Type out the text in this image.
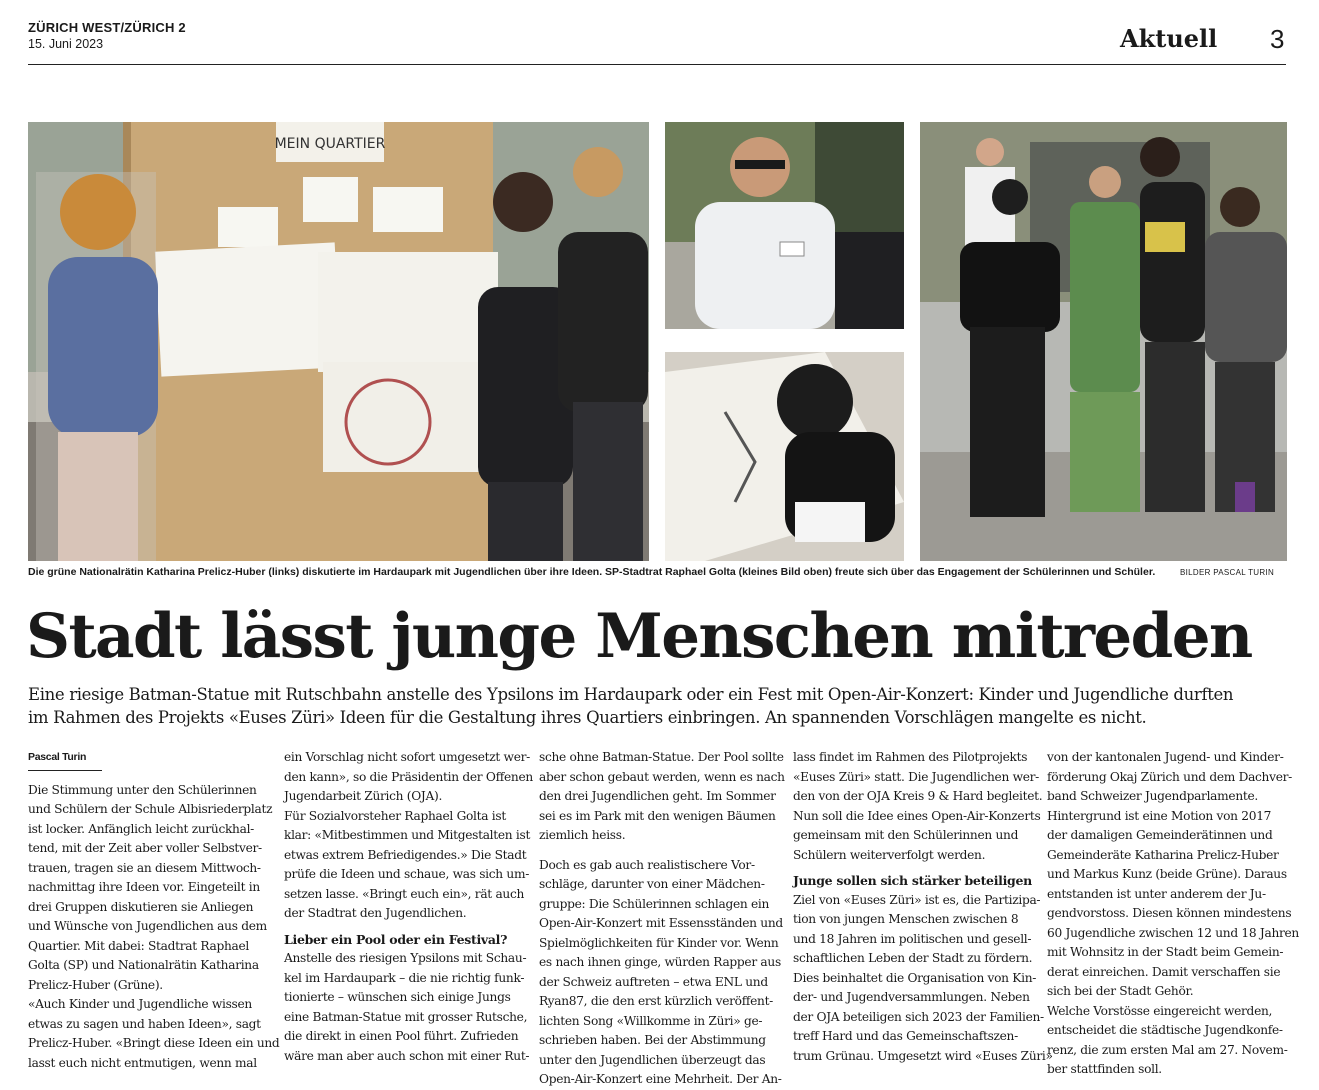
ZÜRICH WEST/ZÜRICH 2
15. Juni 2023	Aktuell 3
MEIN QUARTIER
Die grüne Nationalrätin Katharina Prelicz-Huber (links) diskutierte im Hardaupark mit Jugendlichen über ihre Ideen. SP-Stadtrat Raphael Golta (kleines Bild oben) freute sich über das Engagement der Schülerinnen und Schüler.	BILDER PASCAL TURIN
Stadt lässt junge Menschen mitreden
Eine riesige Batman-Statue mit Rutschbahn anstelle des Ypsilons im Hardaupark oder ein Fest mit Open-Air-Konzert: Kinder und Jugendliche durften
im Rahmen des Projekts «Euses Züri» Ideen für die Gestaltung ihres Quartiers einbringen. An spannenden Vorschlägen mangelte es nicht.
Pascal Turin
Die Stimmung unter den Schülerinnen
und Schülern der Schule Albisriederplatz
ist locker. Anfänglich leicht zurückhal-
tend, mit der Zeit aber voller Selbstver-
trauen, tragen sie an diesem Mittwoch-
nachmittag ihre Ideen vor. Eingeteilt in
drei Gruppen diskutieren sie Anliegen
und Wünsche von Jugendlichen aus dem
Quartier. Mit dabei: Stadtrat Raphael
Golta (SP) und Nationalrätin Katharina
Prelicz-Huber (Grüne).
«Auch Kinder und Jugendliche wissen
etwas zu sagen und haben Ideen», sagt
Prelicz-Huber. «Bringt diese Ideen ein und
lasst euch nicht entmutigen, wenn mal
ein Vorschlag nicht sofort umgesetzt wer-
den kann», so die Präsidentin der Offenen
Jugendarbeit Zürich (OJA).
Für Sozialvorsteher Raphael Golta ist
klar: «Mitbestimmen und Mitgestalten ist
etwas extrem Befriedigendes.» Die Stadt
prüfe die Ideen und schaue, was sich um-
setzen lasse. «Bringt euch ein», rät auch
der Stadtrat den Jugendlichen.
Lieber ein Pool oder ein Festival?
Anstelle des riesigen Ypsilons mit Schau-
kel im Hardaupark – die nie richtig funk-
tionierte – wünschen sich einige Jungs
eine Batman-Statue mit grosser Rutsche,
die direkt in einen Pool führt. Zufrieden
wäre man aber auch schon mit einer Rut-
sche ohne Batman-Statue. Der Pool sollte
aber schon gebaut werden, wenn es nach
den drei Jugendlichen geht. Im Sommer
sei es im Park mit den wenigen Bäumen
ziemlich heiss.
Doch es gab auch realistischere Vor-
schläge, darunter von einer Mädchen-
gruppe: Die Schülerinnen schlagen ein
Open-Air-Konzert mit Essensständen und
Spielmöglichkeiten für Kinder vor. Wenn
es nach ihnen ginge, würden Rapper aus
der Schweiz auftreten – etwa ENL und
Ryan87, die den erst kürzlich veröffent-
lichten Song «Willkomme in Züri» ge-
schrieben haben. Bei der Abstimmung
unter den Jugendlichen überzeugt das
Open-Air-Konzert eine Mehrheit. Der An-
lass findet im Rahmen des Pilotprojekts
«Euses Züri» statt. Die Jugendlichen wer-
den von der OJA Kreis 9 & Hard begleitet.
Nun soll die Idee eines Open-Air-Konzerts
gemeinsam mit den Schülerinnen und
Schülern weiterverfolgt werden.
Junge sollen sich stärker beteiligen
Ziel von «Euses Züri» ist es, die Partizipa-
tion von jungen Menschen zwischen 8
und 18 Jahren im politischen und gesell-
schaftlichen Leben der Stadt zu fördern.
Dies beinhaltet die Organisation von Kin-
der- und Jugendversammlungen. Neben
der OJA beteiligen sich 2023 der Familien-
treff Hard und das Gemeinschaftszen-
trum Grünau. Umgesetzt wird «Euses Züri»
von der kantonalen Jugend- und Kinder-
förderung Okaj Zürich und dem Dachver-
band Schweizer Jugendparlamente.
Hintergrund ist eine Motion von 2017
der damaligen Gemeinderätinnen und
Gemeinderäte Katharina Prelicz-Huber
und Markus Kunz (beide Grüne). Daraus
entstanden ist unter anderem der Ju-
gendvorstoss. Diesen können mindestens
60 Jugendliche zwischen 12 und 18 Jahren
mit Wohnsitz in der Stadt beim Gemein-
derat einreichen. Damit verschaffen sie
sich bei der Stadt Gehör.
Welche Vorstösse eingereicht werden,
entscheidet die städtische Jugendkonfe-
renz, die zum ersten Mal am 27. Novem-
ber stattfinden soll.
